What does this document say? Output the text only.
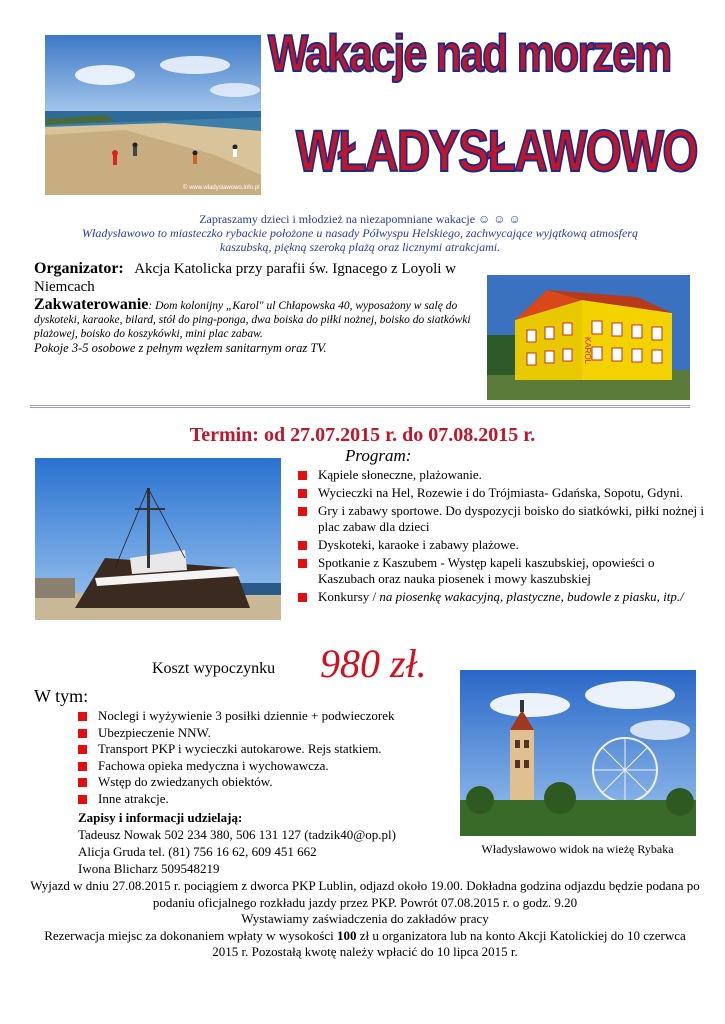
© www.wladyslawowo.info.pl
Wakacje nad morzem
WŁADYSŁAWOWO
Zapraszamy dzieci i młodzież na niezapomniane wakacje ☺ ☺ ☺
Władysławowo to miasteczko rybackie położone u nasady Półwyspu Helskiego, zachwycające wyjątkową atmosferą
kaszubską, piękną szeroką plażą oraz licznymi atrakcjami.
Organizator: Akcja Katolicka przy parafii św. Ignacego z Loyoli w Niemcach
Zakwaterowanie: Dom kolonijny „Karol" ul Chłapowska 40, wyposażony w salę do dyskoteki, karaoke, bilard, stół do ping-ponga, dwa boiska do piłki nożnej, boisko do siatkówki plażowej, boisko do koszykówki, mini plac zabaw.
Pokoje 3-5 osobowe z pełnym węzłem sanitarnym oraz TV.	KAROL
Termin: od 27.07.2015 r. do 07.08.2015 r.
Program:
Kąpiele słoneczne, plażowanie.
Wycieczki na Hel, Rozewie i do Trójmiasta- Gdańska, Sopotu, Gdyni.
Gry i zabawy sportowe. Do dyspozycji boisko do siatkówki, piłki nożnej i plac zabaw dla dzieci
Dyskoteki, karaoke i zabawy plażowe.
Spotkanie z Kaszubem - Występ kapeli kaszubskiej, opowieści o Kaszubach oraz nauka piosenek i mowy kaszubskiej
Konkursy / na piosenkę wakacyjną, plastyczne, budowle z piasku, itp./
Koszt wypoczynku 980 zł.
W tym:
Noclegi i wyżywienie 3 posiłki dziennie + podwieczorek
Ubezpieczenie NNW.
Transport PKP i wycieczki autokarowe. Rejs statkiem.
Fachowa opieka medyczna i wychowawcza.
Wstęp do zwiedzanych obiektów.
Inne atrakcje.
Zapisy i informacji udzielają:
Tadeusz Nowak 502 234 380, 506 131 127 (tadzik40@op.pl)
Alicja Gruda tel. (81) 756 16 62, 609 451 662
Iwona Blicharz 509548219
Władysławowo widok na wieżę Rybaka
Wyjazd w dniu 27.08.2015 r. pociągiem z dworca PKP Lublin, odjazd około 19.00. Dokładna godzina odjazdu będzie podana po podaniu oficjalnego rozkładu jazdy przez PKP. Powrót 07.08.2015 r. o godz. 9.20
Wystawiamy zaświadczenia do zakładów pracy
Rezerwacja miejsc za dokonaniem wpłaty w wysokości 100 zł u organizatora lub na konto Akcji Katolickiej do 10 czerwca 2015 r. Pozostałą kwotę należy wpłacić do 10 lipca 2015 r.
